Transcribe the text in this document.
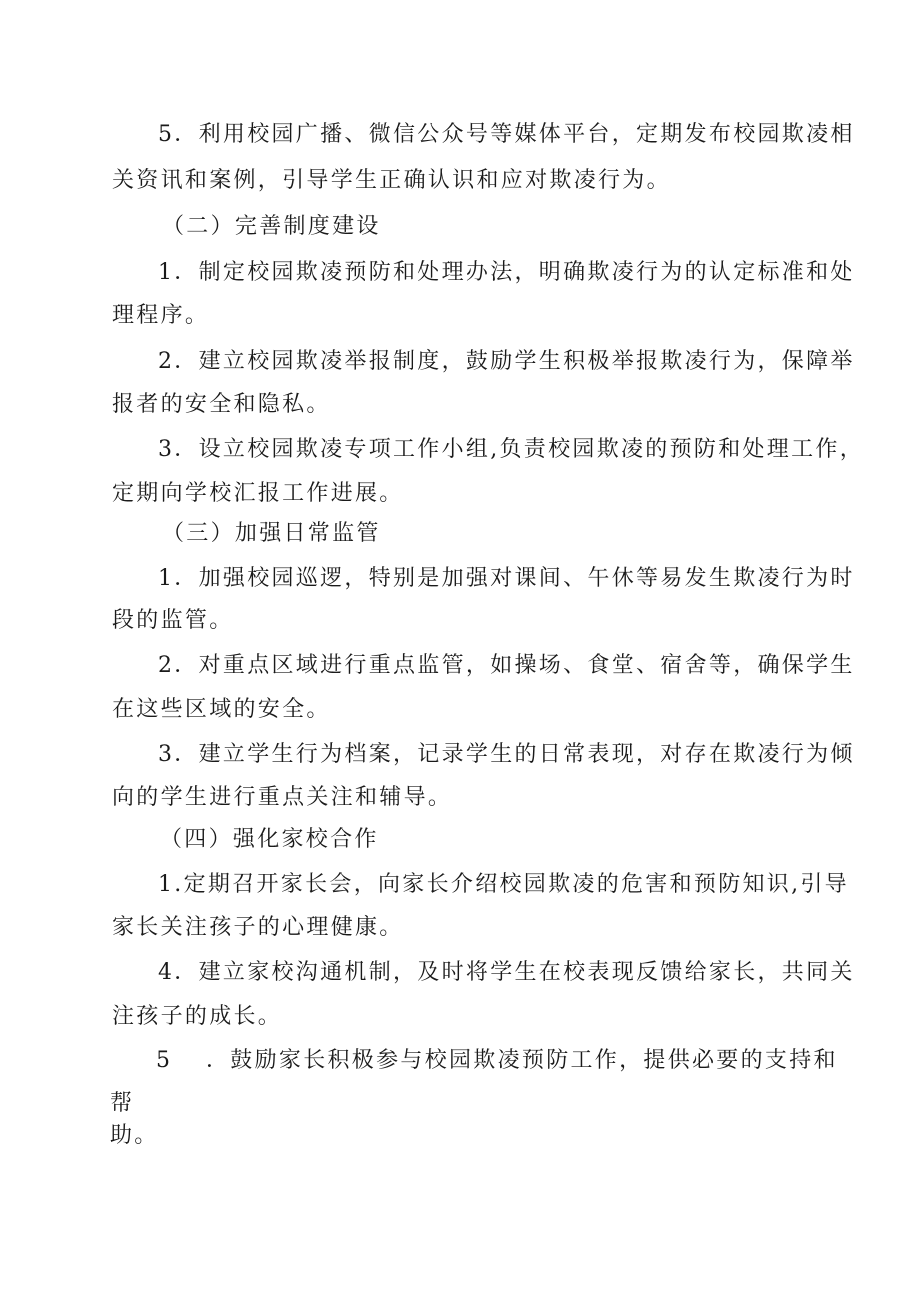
5．利用校园广播、微信公众号等媒体平台，定期发布校园欺凌相
关资讯和案例，引导学生正确认识和应对欺凌行为。
（二）完善制度建设
1．制定校园欺凌预防和处理办法，明确欺凌行为的认定标准和处
理程序。
2．建立校园欺凌举报制度，鼓励学生积极举报欺凌行为，保障举
报者的安全和隐私。
3．设立校园欺凌专项工作小组,负责校园欺凌的预防和处理工作，
定期向学校汇报工作进展。
（三）加强日常监管
1．加强校园巡逻，特别是加强对课间、午休等易发生欺凌行为时
段的监管。
2．对重点区域进行重点监管，如操场、食堂、宿舍等，确保学生
在这些区域的安全。
3．建立学生行为档案，记录学生的日常表现，对存在欺凌行为倾
向的学生进行重点关注和辅导。
（四）强化家校合作
1.定期召开家长会，向家长介绍校园欺凌的危害和预防知识,引导
家长关注孩子的心理健康。
4．建立家校沟通机制，及时将学生在校表现反馈给家长，共同关
注孩子的成长。
5 ．鼓励家长积极参与校园欺凌预防工作，提供必要的支持和
帮
助。
